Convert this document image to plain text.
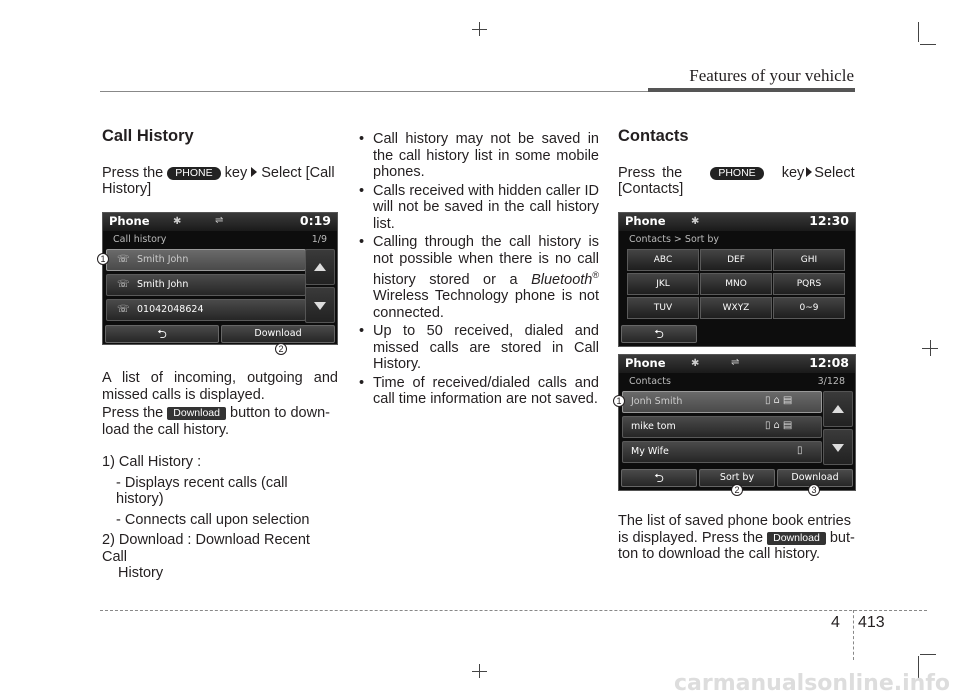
Features of your vehicle
Call History
Press the PHONE key Select [Call
History]
Phone ✱	⇌	0:19
Call history	1/9
☏ Smith John
☏ Smith John
☏ 01042048624
⮌	Download
1
2
A list of incoming, outgoing and missed calls is displayed.
Press the Download button to down-
load the call history.
1) Call History :
- Displays recent calls (call history)
- Connects call upon selection
2) Download : Download Recent Call
History
• Call history may not be saved in the call history list in some mobile phones.
• Calls received with hidden caller ID will not be saved in the call history list.
• Calling through the call history is not possible when there is no call history stored or a Bluetooth® Wireless Technology phone is not connected.
• Up to 50 received, dialed and missed calls are stored in Call History.
• Time of received/dialed calls and call time information are not saved.
Contacts
Press the	PHONE key Select
[Contacts]
Phone	✱	12:30
Contacts > Sort by
ABC	DEF	GHI
JKL	MNO	PQRS
TUV	WXYZ	0~9
⮌
Phone	✱	⇌	12:08
Contacts	3/128
Jonh Smith	▯⌂▤
mike tom	▯⌂▤
My Wife	▯
⮌	Sort by	Download
1
2	3
The list of saved phone book entries
is displayed. Press the Download but-
ton to download the call history.
4 413
carmanualsonline.info
